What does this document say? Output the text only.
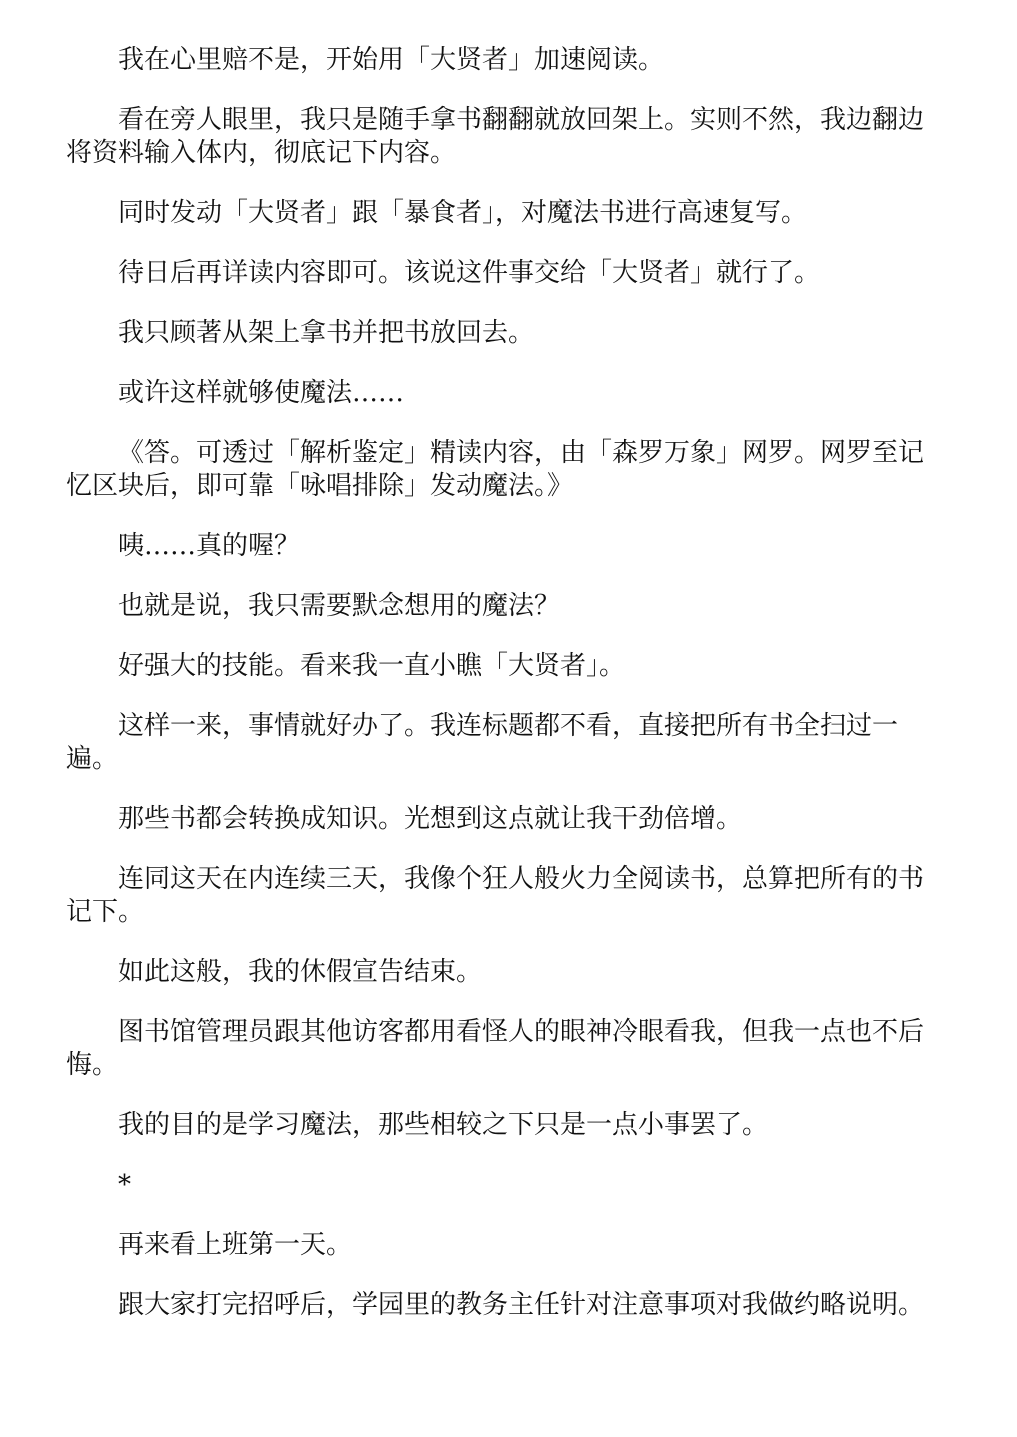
我在心里赔不是，开始用「大贤者」加速阅读。

看在旁人眼里，我只是随手拿书翻翻就放回架上。实则不然，我边翻边将资料输入体内，彻底记下内容。

同时发动「大贤者」跟「暴食者」，对魔法书进行高速复写。

待日后再详读内容即可。该说这件事交给「大贤者」就行了。

我只顾著从架上拿书并把书放回去。

或许这样就够使魔法……

《答。可透过「解析鉴定」精读内容，由「森罗万象」网罗。网罗至记忆区块后，即可靠「咏唱排除」发动魔法。》

咦……真的喔？

也就是说，我只需要默念想用的魔法？

好强大的技能。看来我一直小瞧「大贤者」。

这样一来，事情就好办了。我连标题都不看，直接把所有书全扫过一遍。

那些书都会转换成知识。光想到这点就让我干劲倍增。

连同这天在内连续三天，我像个狂人般火力全阅读书，总算把所有的书记下。

如此这般，我的休假宣告结束。

图书馆管理员跟其他访客都用看怪人的眼神冷眼看我，但我一点也不后悔。

我的目的是学习魔法，那些相较之下只是一点小事罢了。

*

再来看上班第一天。

跟大家打完招呼后，学园里的教务主任针对注意事项对我做约略说明。
